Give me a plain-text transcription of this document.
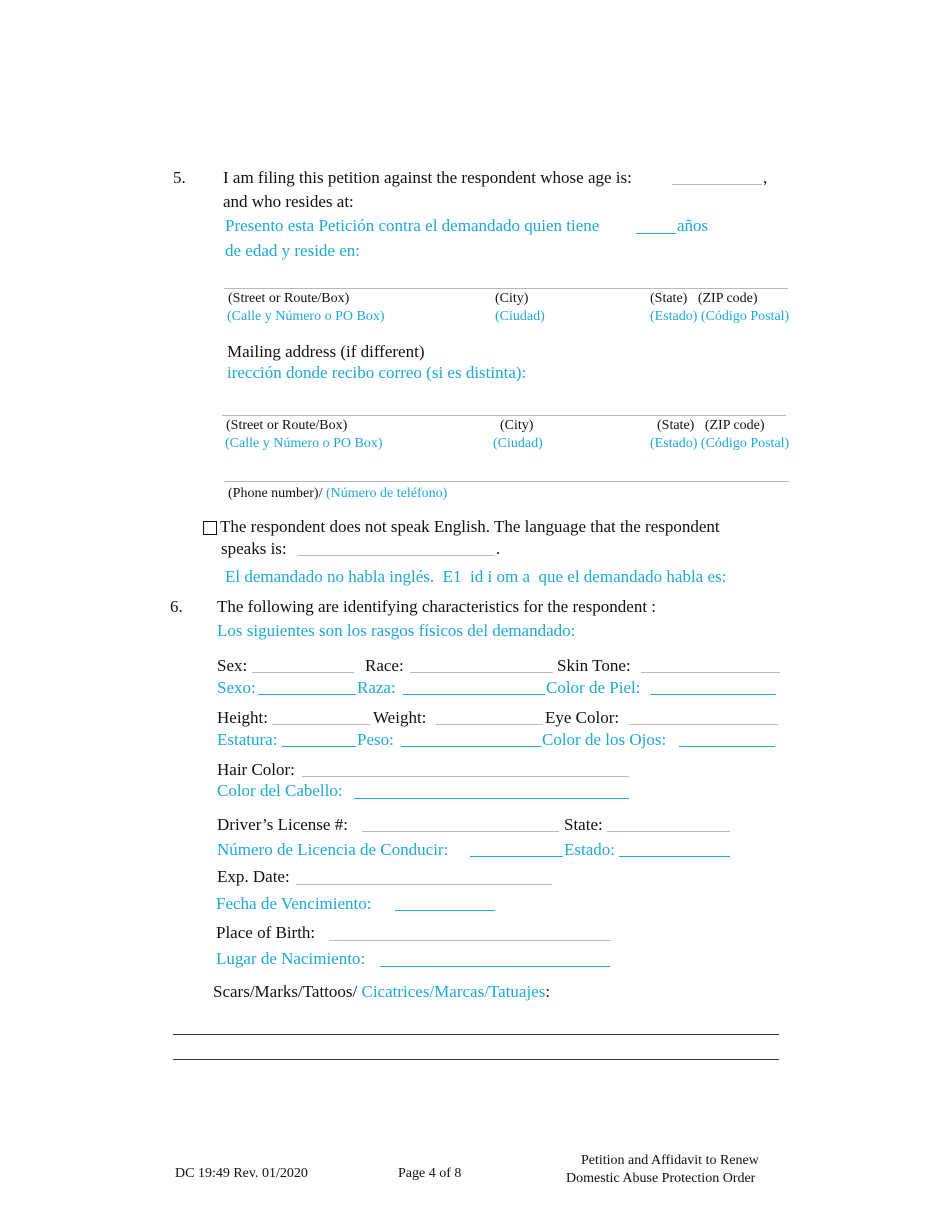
5. I am filing this petition against the respondent whose age is:	,
and who resides at:
Presento esta Petición contra el demandado quien tiene	años
de edad y reside en:
(Street or Route/Box)	(City)	(State)   (ZIP code)
(Calle y Número o PO Box)	(Ciudad)	(Estado) (Código Postal)
Mailing address (if different)
irección donde recibo correo (si es distinta):
(Street or Route/Box)	(City)	(State)   (ZIP code)
(Calle y Número o PO Box)	(Ciudad)	(Estado) (Código Postal)
(Phone number)/ (Número de teléfono)
The respondent does not speak English. The language that the respondent
speaks is:	.
El demandado no habla inglés.  E1  id i om a  que el demandado habla es:
6. The following are identifying characteristics for the respondent :
Los siguientes son los rasgos físicos del demandado:
Sex:	Race:	Skin Tone:
Sexo:	Raza:	Color de Piel:
Height:	Weight:	Eye Color:
Estatura:	Peso:	Color de los Ojos:
Hair Color:
Color del Cabello:
Driver’s License #:	State:
Número de Licencia de Conducir:	Estado:
Exp. Date:
Fecha de Vencimiento:
Place of Birth:
Lugar de Nacimiento:
Scars/Marks/Tattoos/ Cicatrices/Marcas/Tatuajes:
DC 19:49 Rev. 01/2020	Page 4 of 8
Petition and Affidavit to Renew
Domestic Abuse Protection Order
